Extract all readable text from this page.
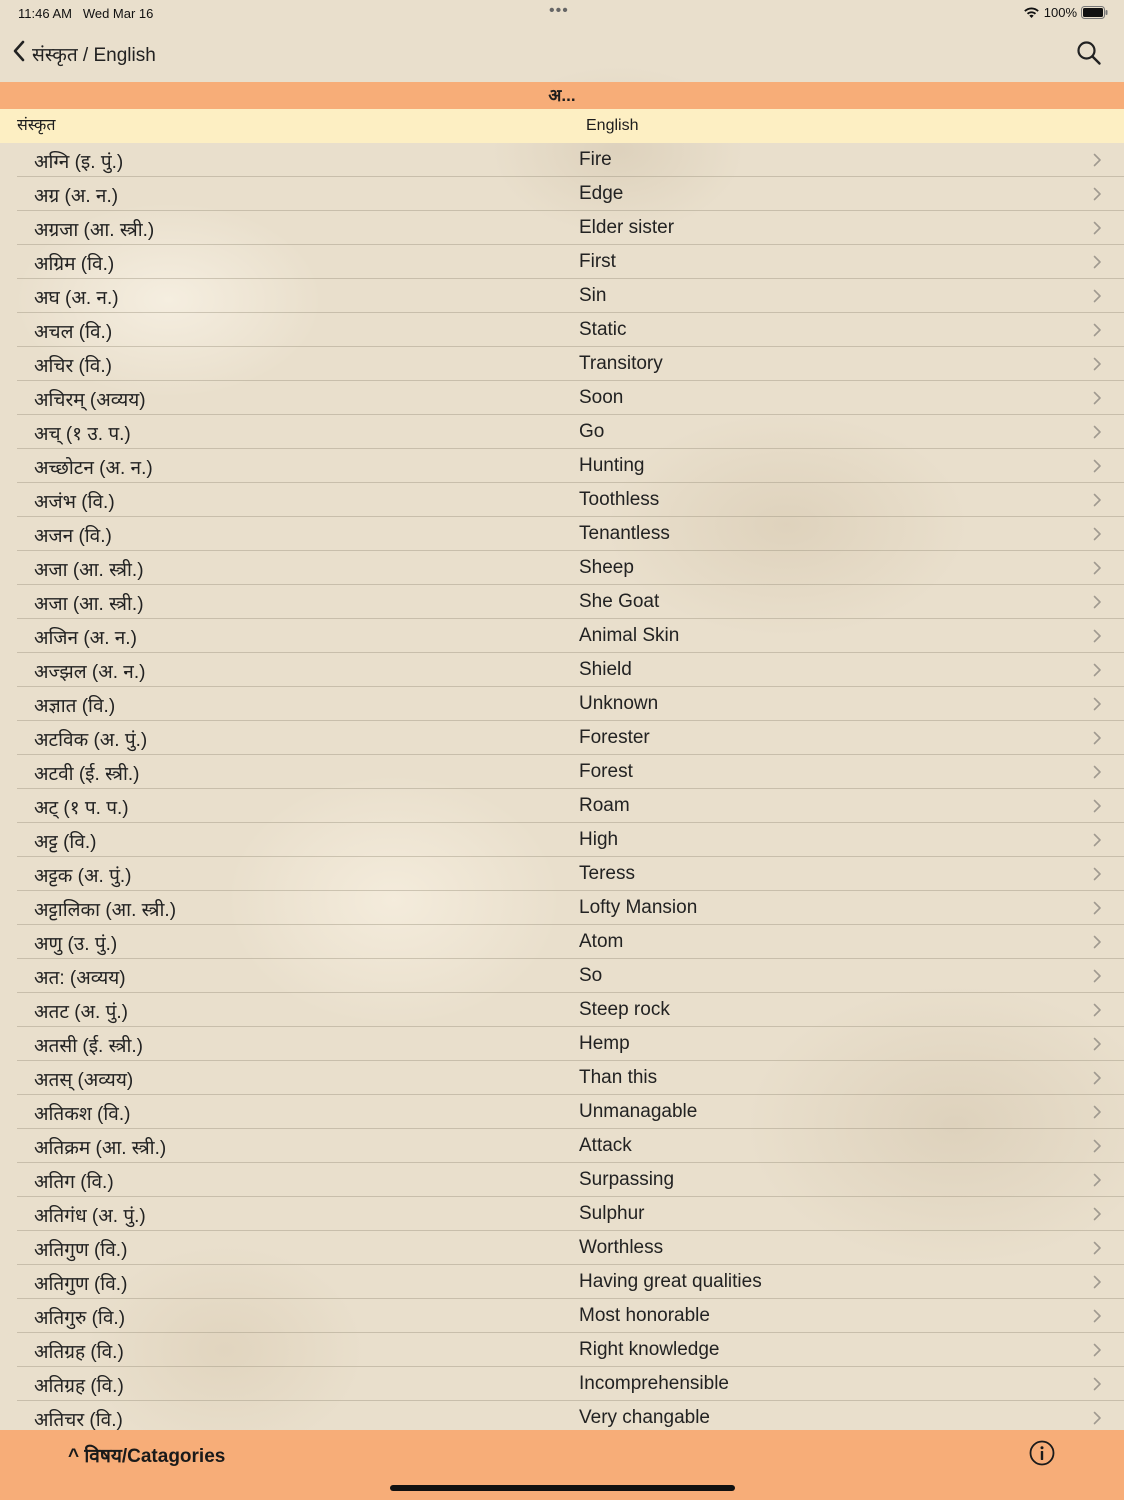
11:46 AM Wed Mar 16	•••	100%
संस्कृत / English
अ...
संस्कृत	English
अग्नि (इ. पुं.)	Fire
अग्र (अ. न.)	Edge
अग्रजा (आ. स्त्री.)	Elder sister
अग्रिम (वि.)	First
अघ (अ. न.)	Sin
अचल (वि.)	Static
अचिर (वि.)	Transitory
अचिरम् (अव्यय)	Soon
अच् (१ उ. प.)	Go
अच्छोटन (अ. न.)	Hunting
अजंभ (वि.)	Toothless
अजन (वि.)	Tenantless
अजा (आ. स्त्री.)	Sheep
अजा (आ. स्त्री.)	She Goat
अजिन (अ. न.)	Animal Skin
अज्झल (अ. न.)	Shield
अज्ञात (वि.)	Unknown
अटविक (अ. पुं.)	Forester
अटवी (ई. स्त्री.)	Forest
अट् (१ प. प.)	Roam
अट्ट (वि.)	High
अट्टक (अ. पुं.)	Teress
अट्टालिका (आ. स्त्री.)	Lofty Mansion
अणु (उ. पुं.)	Atom
अत: (अव्यय)	So
अतट (अ. पुं.)	Steep rock
अतसी (ई. स्त्री.)	Hemp
अतस् (अव्यय)	Than this
अतिकश (वि.)	Unmanagable
अतिक्रम (आ. स्त्री.)	Attack
अतिग (वि.)	Surpassing
अतिगंध (अ. पुं.)	Sulphur
अतिगुण (वि.)	Worthless
अतिगुण (वि.)	Having great qualities
अतिगुरु (वि.)	Most honorable
अतिग्रह (वि.)	Right knowledge
अतिग्रह (वि.)	Incomprehensible
अतिचर (वि.)	Very changable
^ विषय/Catagories
